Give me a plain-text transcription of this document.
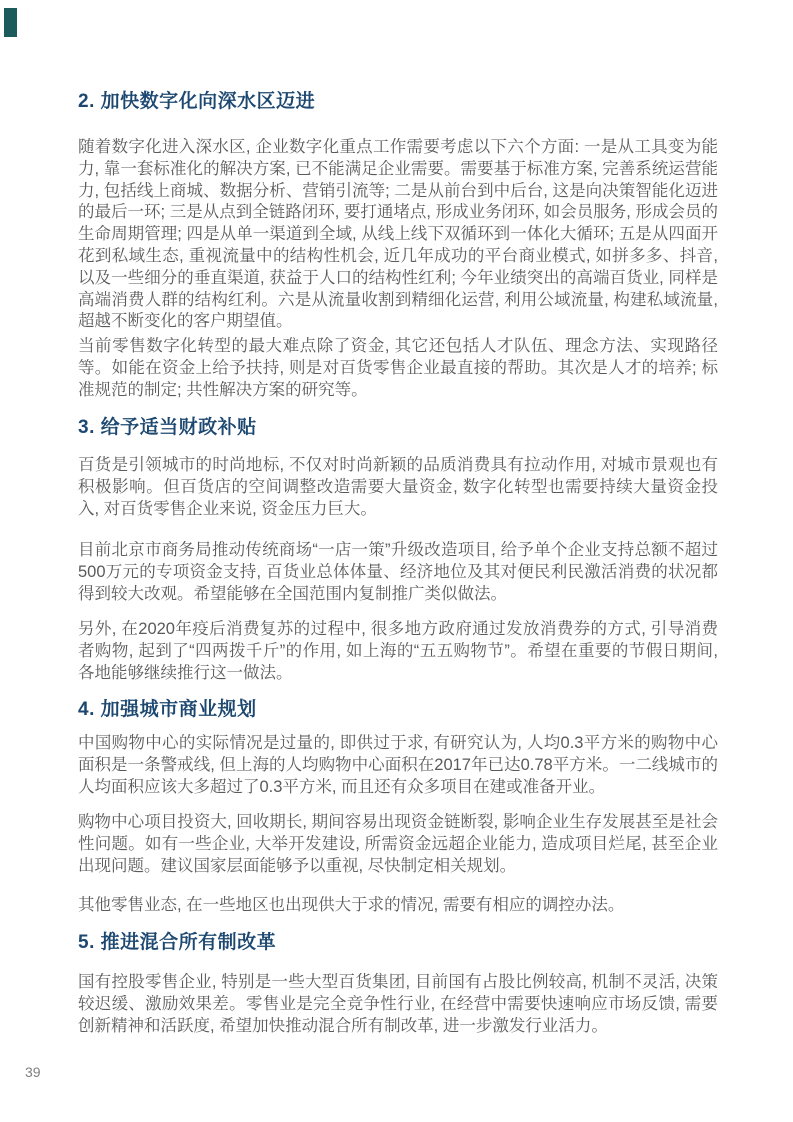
2. 加快数字化向深水区迈进

随着数字化进入深水区, 企业数字化重点工作需要考虑以下六个方面: 一是从工具变为能力, 靠一套标准化的解决方案, 已不能满足企业需要。需要基于标准方案, 完善系统运营能力, 包括线上商城、数据分析、营销引流等; 二是从前台到中后台, 这是向决策智能化迈进的最后一环; 三是从点到全链路闭环, 要打通堵点, 形成业务闭环, 如会员服务, 形成会员的生命周期管理; 四是从单一渠道到全域, 从线上线下双循环到一体化大循环; 五是从四面开花到私域生态, 重视流量中的结构性机会, 近几年成功的平台商业模式, 如拼多多、抖音, 以及一些细分的垂直渠道, 获益于人口的结构性红利; 今年业绩突出的高端百货业, 同样是高端消费人群的结构红利。六是从流量收割到精细化运营, 利用公域流量, 构建私域流量, 超越不断变化的客户期望值。

当前零售数字化转型的最大难点除了资金, 其它还包括人才队伍、理念方法、实现路径等。如能在资金上给予扶持, 则是对百货零售企业最直接的帮助。其次是人才的培养; 标准规范的制定; 共性解决方案的研究等。

3. 给予适当财政补贴

百货是引领城市的时尚地标, 不仅对时尚新颖的品质消费具有拉动作用, 对城市景观也有积极影响。但百货店的空间调整改造需要大量资金, 数字化转型也需要持续大量资金投入, 对百货零售企业来说, 资金压力巨大。

目前北京市商务局推动传统商场“一店一策”升级改造项目, 给予单个企业支持总额不超过500万元的专项资金支持, 百货业总体体量、经济地位及其对便民利民激活消费的状况都得到较大改观。希望能够在全国范围内复制推广类似做法。

另外, 在2020年疫后消费复苏的过程中, 很多地方政府通过发放消费券的方式, 引导消费者购物, 起到了“四两拨千斤”的作用, 如上海的“五五购物节”。希望在重要的节假日期间, 各地能够继续推行这一做法。

4. 加强城市商业规划

中国购物中心的实际情况是过量的, 即供过于求, 有研究认为, 人均0.3平方米的购物中心面积是一条警戒线, 但上海的人均购物中心面积在2017年已达0.78平方米。一二线城市的人均面积应该大多超过了0.3平方米, 而且还有众多项目在建或准备开业。

购物中心项目投资大, 回收期长, 期间容易出现资金链断裂, 影响企业生存发展甚至是社会性问题。如有一些企业, 大举开发建设, 所需资金远超企业能力, 造成项目烂尾, 甚至企业出现问题。建议国家层面能够予以重视, 尽快制定相关规划。

其他零售业态, 在一些地区也出现供大于求的情况, 需要有相应的调控办法。

5. 推进混合所有制改革

国有控股零售企业, 特别是一些大型百货集团, 目前国有占股比例较高, 机制不灵活, 决策较迟缓、激励效果差。零售业是完全竞争性行业, 在经营中需要快速响应市场反馈, 需要创新精神和活跃度, 希望加快推动混合所有制改革, 进一步激发行业活力。

39
